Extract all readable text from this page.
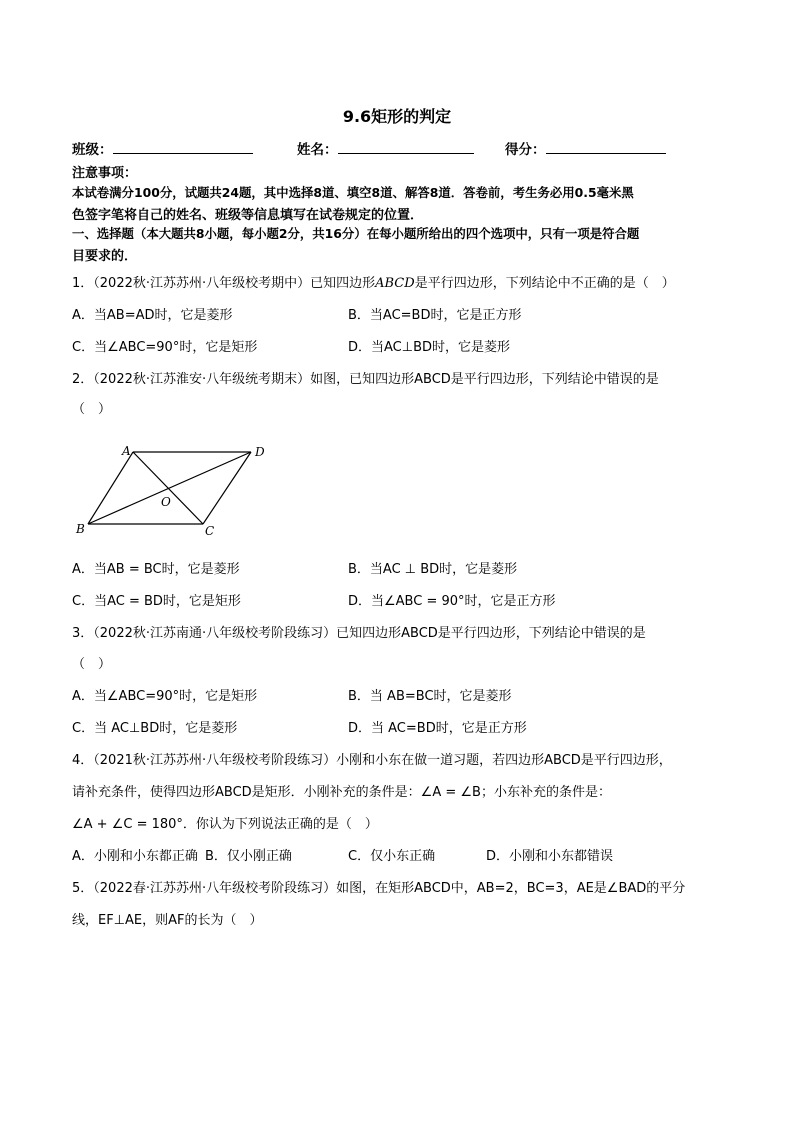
9.6矩形的判定
班级：	姓名：	得分：
注意事项：
本试卷满分100分，试题共24题，其中选择8道、填空8道、解答8道．答卷前，考生务必用0.5毫米黑
色签字笔将自己的姓名、班级等信息填写在试卷规定的位置．
一、选择题（本大题共8小题，每小题2分，共16分）在每小题所给出的四个选项中，只有一项是符合题
目要求的．
1．（2022秋·江苏苏州·八年级校考期中）已知四边形ABCD是平行四边形，下列结论中不正确的是（　）
A．当AB=AD时，它是菱形	B．当AC=BD时，它是正方形
C．当∠ABC=90°时，它是矩形	D．当AC⊥BD时，它是菱形
2．（2022秋·江苏淮安·八年级统考期末）如图，已知四边形ABCD是平行四边形，下列结论中错误的是
（　）
A	D
B	C
O
A．当AB = BC时，它是菱形	B．当AC ⊥ BD时，它是菱形
C．当AC = BD时，它是矩形	D．当∠ABC = 90°时，它是正方形
3．（2022秋·江苏南通·八年级校考阶段练习）已知四边形ABCD是平行四边形，下列结论中错误的是
（　）
A．当∠ABC=90°时，它是矩形	B．当 AB=BC时，它是菱形
C．当 AC⊥BD时，它是菱形	D．当 AC=BD时，它是正方形
4．（2021秋·江苏苏州·八年级校考阶段练习）小刚和小东在做一道习题，若四边形ABCD是平行四边形，
请补充条件，使得四边形ABCD是矩形．小刚补充的条件是：∠A = ∠B；小东补充的条件是：
∠A + ∠C = 180°．你认为下列说法正确的是（　）
A．小刚和小东都正确 B．仅小刚正确	C．仅小东正确	D．小刚和小东都错误
5．（2022春·江苏苏州·八年级校考阶段练习）如图，在矩形ABCD中，AB=2，BC=3，AE是∠BAD的平分
线，EF⊥AE，则AF的长为（　）
